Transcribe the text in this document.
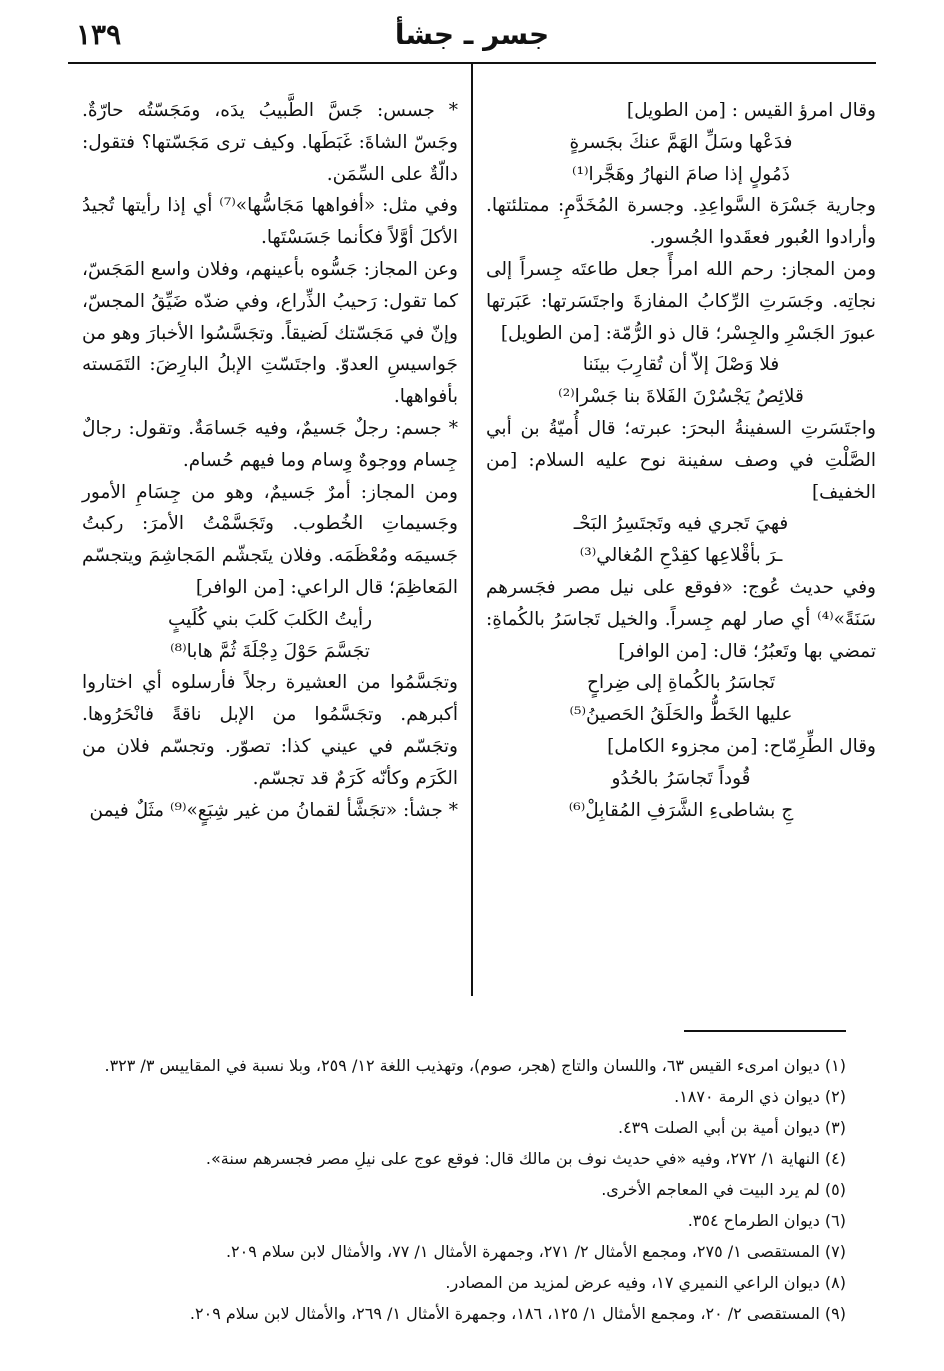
جسر ـ جشأ
١٣٩

وقال امرؤ القيس : [من الطويل]

فدَعْها وسَلِّ الهَمَّ عنكَ بجَسرةٍ

ذَمُولٍ إذا صامَ النهارُ وهَجَّرا⁽¹⁾

وجارية جَسْرَة السَّواعِدِ. وجسرة المُخَدَّمِ: ممتلئتها. وأرادوا العُبور فعقَدوا الجُسور.

ومن المجاز: رحم الله امرأً جعل طاعتَه جِسراً إلى نجاتِه. وجَسَرتِ الرِّكابُ المفازةَ واجتَسَرتها: عَبَرتها عبورَ الجَسْرِ والجِسْر؛ قال ذو الرُّمّة: [من الطويل]

فلا وَصْلَ إلاّ أن تُقارِبَ بينَنا

قلائِصُ يَجْسُرْنَ الفَلاةَ بنا جَسْرا⁽²⁾

واجتَسَرتِ السفينةُ البحرَ: عبرته؛ قال أُميّةُ بن أبي الصَّلْتِ في وصف سفينة نوح عليه السلام: [من الخفيف]

فهيَ تَجري فيه وتَجتَسِرُ البَحْـ

ـرَ بأقْلاعِها كقِدْحِ المُغالي⁽³⁾

وفي حديث عُوج: «فوقع على نيل مصر فجَسرهم سَنَةً»⁽⁴⁾ أي صار لهم جِسراً. والخيل تَجاسَرُ بالكُماةِ: تمضي بها وتَعبُرُ؛ قال: [من الوافر]

تَجاسَرُ بالكُماةِ إلى ضِراحٍ

عليها الخَطُّ والحَلَقُ الحَصينُ⁽⁵⁾

وقال الطِّرِمّاح: [من مجزوء الكامل]

قُوداً تَجاسَرُ بالحُدُو

جِ بشاطىءِ الشَّرَفِ المُقابِلْ⁽⁶⁾

* جسس: جَسَّ الطَّبيبُ يدَه، ومَجَسّتُه حارّةٌ. وجَسّ الشاةَ: غَبَطَها. وكيف ترى مَجَسّتها؟ فتقول: دالّةٌ على السِّمَن.

وفي مثل: «أفواهها مَجَاسُّها»⁽⁷⁾ أي إذا رأيتها تُجيدُ الأكلَ أوَّلاً فكأنما جَسَسْتَها.

وعن المجاز: جَسُّوه بأعينهم، وفلان واسع المَجَسّ، كما تقول: رَحيبُ الذِّراع، وفي ضدّه ضَيِّقُ المجسّ، وإنّ في مَجَسّتك لَضيقاً. وتجَسَّسُوا الأخبارَ وهو من جَواسيسِ العدوّ. واجتَسّتِ الإبلُ البارِضَ: التَمَسته بأفواهها.

* جسم: رجلٌ جَسيمٌ، وفيه جَسامَةٌ. وتقول: رجالٌ جِسام ووجوهٌ وِسام وما فيهم حُسام.

ومن المجاز: أمرٌ جَسيمٌ، وهو من جِسَامِ الأمور وجَسيماتِ الخُطوب. وتَجَسَّمْتُ الأمرَ: ركبتُ جَسيمَه ومُعْظَمَه. وفلان يتَجشّم المَجاشِمَ ويتجسّم المَعاظِمَ؛ قال الراعي: [من الوافر]

رأيتُ الكَلبَ كَلبَ بني كُلَيبٍ

تجَسَّمَ حَوْلَ دِجْلَةَ ثُمَّ هابا⁽⁸⁾

وتجَسَّمُوا من العشيرة رجلاً فأرسلوه أي اختاروا أكبرهم. وتجَسَّمُوا من الإبل ناقةً فانْحَرُوها. وتجَسّم في عيني كذا: تصوّر. وتجسّم فلان من الكَرَم وكأنّه كَرَمٌ قد تجسّم.

* جشأ: «تجَشَّأ لقمانُ من غير شِبَعٍ»⁽⁹⁾ مثَلٌ فيمن

(١) ديوان امرىء القيس ٦٣، واللسان والتاج (هجر، صوم)، وتهذيب اللغة ١٢/ ٢٥٩، وبلا نسبة في المقاييس ٣/ ٣٢٣.

(٢) ديوان ذي الرمة ١٨٧٠.

(٣) ديوان أمية بن أبي الصلت ٤٣٩.

(٤) النهاية ١/ ٢٧٢، وفيه «في حديث نوف بن مالك قال: فوقع عوج على نيلِ مصر فجسرهم سنة».

(٥) لم يرد البيت في المعاجم الأخرى.

(٦) ديوان الطرماح ٣٥٤.

(٧) المستقصى ١/ ٢٧٥، ومجمع الأمثال ٢/ ٢٧١، وجمهرة الأمثال ١/ ٧٧، والأمثال لابن سلام ٢٠٩.

(٨) ديوان الراعي النميري ١٧، وفيه عرض لمزيد من المصادر.

(٩) المستقصى ٢/ ٢٠، ومجمع الأمثال ١/ ١٢٥، ١٨٦، وجمهرة الأمثال ١/ ٢٦٩، والأمثال لابن سلام ٢٠٩.
